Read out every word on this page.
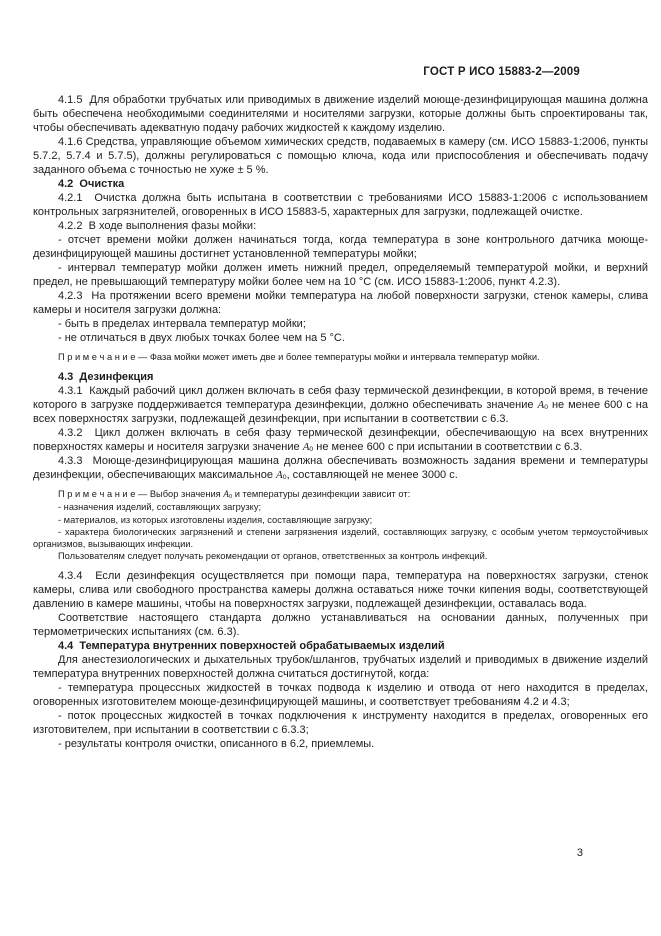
ГОСТ Р ИСО 15883-2—2009

4.1.5  Для обработки трубчатых или приводимых в движение изделий моюще-дезинфицирующая машина должна быть обеспечена необходимыми соединителями и носителями загрузки, которые должны быть спроектированы так, чтобы обеспечивать адекватную подачу рабочих жидкостей к каждому изделию.

4.1.6 Средства, управляющие объемом химических средств, подаваемых в камеру (см. ИСО 15883-1:2006, пункты 5.7.2, 5.7.4 и 5.7.5), должны регулироваться с помощью ключа, кода или приспособления и обеспечивать подачу заданного объема с точностью не хуже ± 5 %.

4.2  Очистка

4.2.1  Очистка должна быть испытана в соответствии с требованиями ИСО 15883-1:2006 с использованием контрольных загрязнителей, оговоренных в ИСО 15883-5, характерных для загрузки, подлежащей очистке.

4.2.2  В ходе выполнения фазы мойки:

- отсчет времени мойки должен начинаться тогда, когда температура в зоне контрольного датчика моюще-дезинфицирующей машины достигнет установленной температуры мойки;

- интервал температур мойки должен иметь нижний предел, определяемый температурой мойки, и верхний предел, не превышающий температуру мойки более чем на 10 °С (см. ИСО 15883-1:2006, пункт 4.2.3).

4.2.3  На протяжении всего времени мойки температура на любой поверхности загрузки, стенок камеры, слива камеры и носителя загрузки должна:

- быть в пределах интервала температур мойки;

- не отличаться в двух любых точках более чем на 5 °С.

П р и м е ч а н и е — Фаза мойки может иметь две и более температуры мойки и интервала температур мойки.

4.3  Дезинфекция

4.3.1  Каждый рабочий цикл должен включать в себя фазу термической дезинфекции, в которой время, в течение которого в загрузке поддерживается температура дезинфекции, должно обеспечивать значение $A_0$ не менее 600 с на всех поверхностях загрузки, подлежащей дезинфекции, при испытании в соответствии с 6.3.

4.3.2  Цикл должен включать в себя фазу термической дезинфекции, обеспечивающую на всех внутренних поверхностях камеры и носителя загрузки значение $A_0$ не менее 600 с при испытании в соответствии с 6.3.

4.3.3  Моюще-дезинфицирующая машина должна обеспечивать возможность задания времени и температуры дезинфекции, обеспечивающих максимальное $A_0$, составляющей не менее 3000 с.

П р и м е ч а н и е — Выбор значения $A_0$ и температуры дезинфекции зависит от:

- назначения изделий, составляющих загрузку;

- материалов, из которых изготовлены изделия, составляющие загрузку;

- характера биологических загрязнений и степени загрязнения изделий, составляющих загрузку, с особым учетом термоустойчивых организмов, вызывающих инфекции.

Пользователям следует получать рекомендации от органов, ответственных за контроль инфекций.

4.3.4  Если дезинфекция осуществляется при помощи пара, температура на поверхностях загрузки, стенок камеры, слива или свободного пространства камеры должна оставаться ниже точки кипения воды, соответствующей давлению в камере машины, чтобы на поверхностях загрузки, подлежащей дезинфекции, оставалась вода.

Соответствие настоящего стандарта должно устанавливаться на основании данных, полученных при термометрических испытаниях (см. 6.3).

4.4  Температура внутренних поверхностей обрабатываемых изделий

Для анестезиологических и дыхательных трубок/шлангов, трубчатых изделий и приводимых в движение изделий температура внутренних поверхностей должна считаться достигнутой, когда:

- температура процессных жидкостей в точках подвода к изделию и отвода от него находится в пределах, оговоренных изготовителем моюще-дезинфицирующей машины, и соответствует требованиям 4.2 и 4.3;

- поток процессных жидкостей в точках подключения к инструменту находится в пределах, оговоренных его изготовителем, при испытании в соответствии с 6.3.3;

- результаты контроля очистки, описанного в 6.2, приемлемы.

3
